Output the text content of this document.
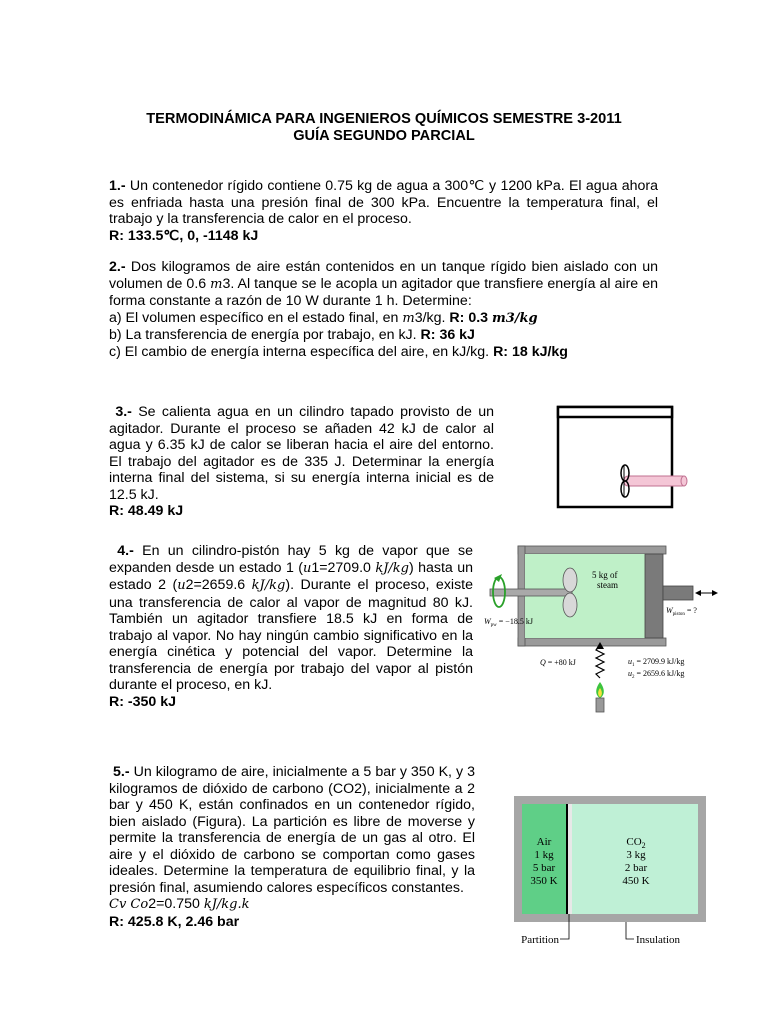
TERMODINÁMICA PARA INGENIEROS QUÍMICOS SEMESTRE 3-2011
GUÍA SEGUNDO PARCIAL

1.- Un contenedor rígido contiene 0.75 kg de agua a 300℃ y 1200 kPa. El agua ahora es enfriada hasta una presión final de 300 kPa. Encuentre la temperatura final, el trabajo y la transferencia de calor en el proceso.

R: 133.5℃, 0, -1148 kJ

2.- Dos kilogramos de aire están contenidos en un tanque rígido bien aislado con un volumen de 0.6 m3. Al tanque se le acopla un agitador que transfiere energía al aire en forma constante a razón de 10 W durante 1 h. Determine:

a) El volumen específico en el estado final, en m3/kg. R: 0.3 m3/kg

b) La transferencia de energía por trabajo, en kJ. R: 36 kJ

c) El cambio de energía interna específica del aire, en kJ/kg. R: 18 kJ/kg

3.- Se calienta agua en un cilindro tapado provisto de un agitador. Durante el proceso se añaden 42 kJ de calor al agua y 6.35 kJ de calor se liberan hacia el aire del entorno. El trabajo del agitador es de 335 J. Determinar la energía interna final del sistema, si su energía interna inicial es de 12.5 kJ.

R: 48.49 kJ

4.- En un cilindro-pistón hay 5 kg de vapor que se expanden desde un estado 1 (u1=2709.0 kJ/kg) hasta un estado 2 (u2=2659.6 kJ/kg). Durante el proceso, existe una transferencia de calor al vapor de magnitud 80 kJ. También un agitador transfiere 18.5 kJ en forma de trabajo al vapor. No hay ningún cambio significativo en la energía cinética y potencial del vapor. Determine la transferencia de energía por trabajo del vapor al pistón durante el proceso, en kJ.

R: -350 kJ

5 kg of
steam
$W_{pw} = -18.5$ kJ
$W_{piston}$ = ?
Q = +80 kJ	$u_1 = 2709.9$ kJ/kg
$u_2 = 2659.6$ kJ/kg

5.- Un kilogramo de aire, inicialmente a 5 bar y 350 K, y 3 kilogramos de dióxido de carbono (CO2), inicialmente a 2 bar y 450 K, están confinados en un contenedor rígido, bien aislado (Figura). La partición es libre de moverse y permite la transferencia de energía de un gas al otro. El aire y el dióxido de carbono se comportan como gases ideales. Determine la temperatura de equilibrio final, y la presión final, asumiendo calores específicos constantes.

Cv Co2=0.750 kJ/kg.k

R: 425.8 K, 2.46 bar

Air
1 kg
5 bar
350 K
$CO_2$
3 kg
2 bar
450 K
Partition	Insulation
